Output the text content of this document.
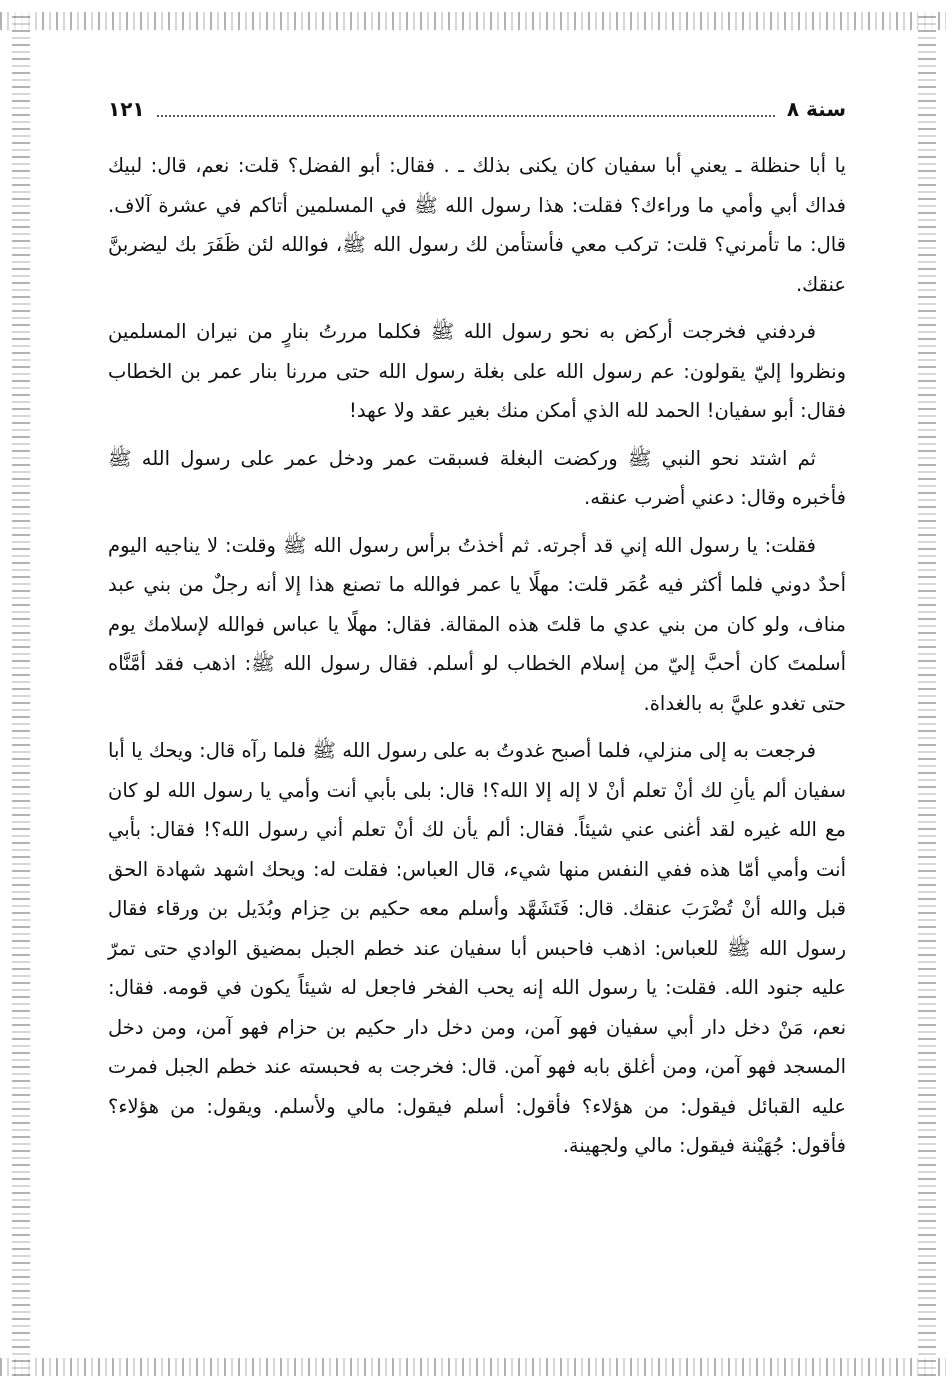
سنة ٨
١٢١

يا أبا حنظلة ـ يعني أبا سفيان كان يكنى بذلك ـ . فقال: أبو الفضل؟ قلت: نعم، قال: لبيك فداك أبي وأمي ما وراءك؟ فقلت: هذا رسول الله ﷺ في المسلمين أتاكم في عشرة آلاف. قال: ما تأمرني؟ قلت: تركب معي فأستأمن لك رسول الله ﷺ، فوالله لئن ظَفَرَ بك ليضربنَّ عنقك.

فردفني فخرجت أركض به نحو رسول الله ﷺ فكلما مررتُ بنارٍ من نيران المسلمين ونظروا إليّ يقولون: عم رسول الله على بغلة رسول الله حتى مررنا بنار عمر بن الخطاب فقال: أبو سفيان! الحمد لله الذي أمكن منك بغير عقد ولا عهد!

ثم اشتد نحو النبي ﷺ وركضت البغلة فسبقت عمر ودخل عمر على رسول الله ﷺ فأخبره وقال: دعني أضرب عنقه.

فقلت: يا رسول الله إني قد أجرته. ثم أخذتُ برأس رسول الله ﷺ وقلت: لا يناجيه اليوم أحدٌ دوني فلما أكثر فيه عُمَر قلت: مهلًا يا عمر فوالله ما تصنع هذا إلا أنه رجلٌ من بني عبد مناف، ولو كان من بني عدي ما قلتَ هذه المقالة. فقال: مهلًا يا عباس فوالله لإسلامك يوم أسلمتَ كان أحبَّ إليّ من إسلام الخطاب لو أسلم. فقال رسول الله ﷺ: اذهب فقد أمَّنَّاه حتى تغدو عليَّ به بالغداة.

فرجعت به إلى منزلي، فلما أصبح غدوتُ به على رسول الله ﷺ فلما رآه قال: ويحك يا أبا سفيان ألم يأنِ لك أنْ تعلم أنْ لا إله إلا الله؟! قال: بلى بأبي أنت وأمي يا رسول الله لو كان مع الله غيره لقد أغنى عني شيئاً. فقال: ألم يأن لك أنْ تعلم أني رسول الله؟! فقال: بأبي أنت وأمي أمّا هذه ففي النفس منها شيء، قال العباس: فقلت له: ويحك اشهد شهادة الحق قبل والله أنْ تُضْرَبَ عنقك. قال: فَتَشَهَّد وأسلم معه حكيم بن حِزام وبُدَيل بن ورقاء فقال رسول الله ﷺ للعباس: اذهب فاحبس أبا سفيان عند خطم الجبل بمضيق الوادي حتى تمرّ عليه جنود الله. فقلت: يا رسول الله إنه يحب الفخر فاجعل له شيئاً يكون في قومه. فقال: نعم، مَنْ دخل دار أبي سفيان فهو آمن، ومن دخل دار حكيم بن حزام فهو آمن، ومن دخل المسجد فهو آمن، ومن أغلق بابه فهو آمن. قال: فخرجت به فحبسته عند خطم الجبل فمرت عليه القبائل فيقول: من هؤلاء؟ فأقول: أسلم فيقول: مالي ولأسلم. ويقول: من هؤلاء؟ فأقول: جُهَيْنة فيقول: مالي ولجهينة.
